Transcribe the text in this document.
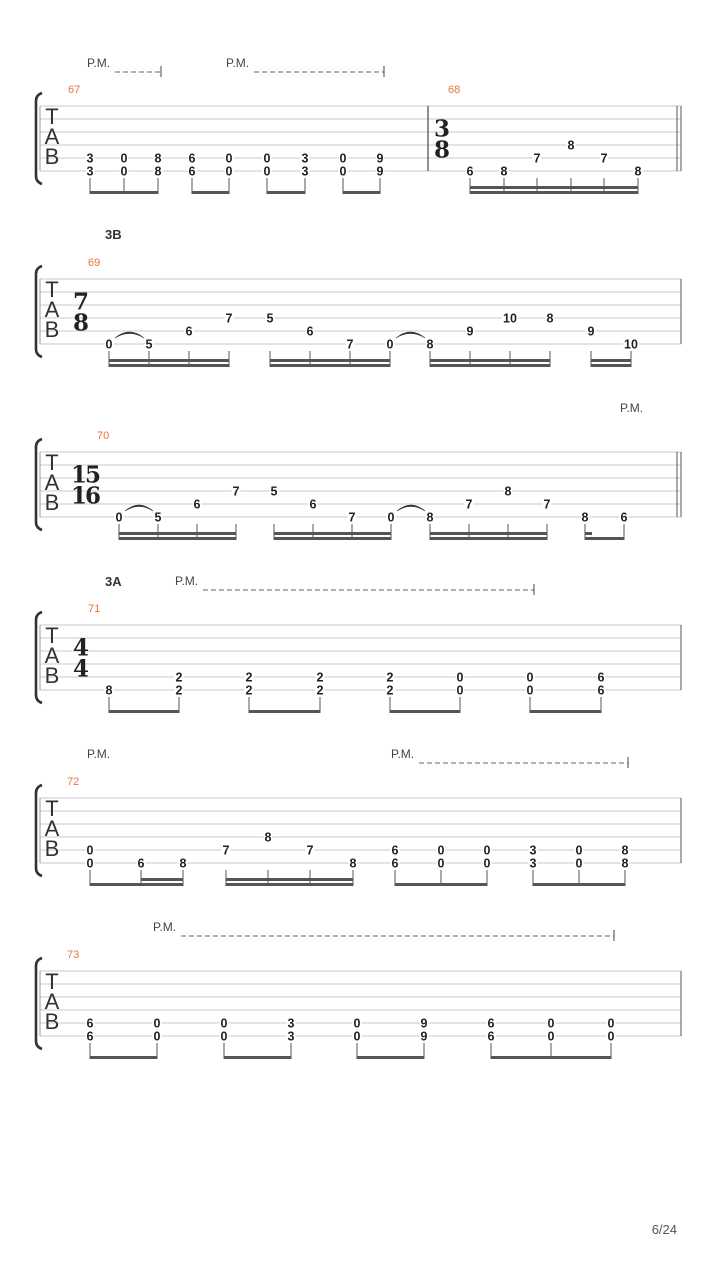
T
A
B
67	68
3
8
P.M.	P.M.
3
3
0
0
8
8
6
6
0
0
0
0
3
3
0
0
9
9	6 8
7
8
7
8
T
A
B
69
3B
7
8
0	5
6
7	5
6
7	0	8
9
10 8
9
10
T
A
B
70
15
16
P.M.
0	5
6
7 5
6
7	0	8
7
8
7
8	6
T
A
B
71
3A
4
4
P.M.
8
2
2
2
2
2
2
2
2
0
0
0
0
6
6
T
A
B
72
P.M.	P.M.
0
0	6	8
7
8
7
8
6
6
0
0
0
0
3
3
0
0
8
8
T
A
B
73
P.M.
6
6
0
0
0
0
3
3
0
0
9
9
6
6
0
0
0
0
6/24
